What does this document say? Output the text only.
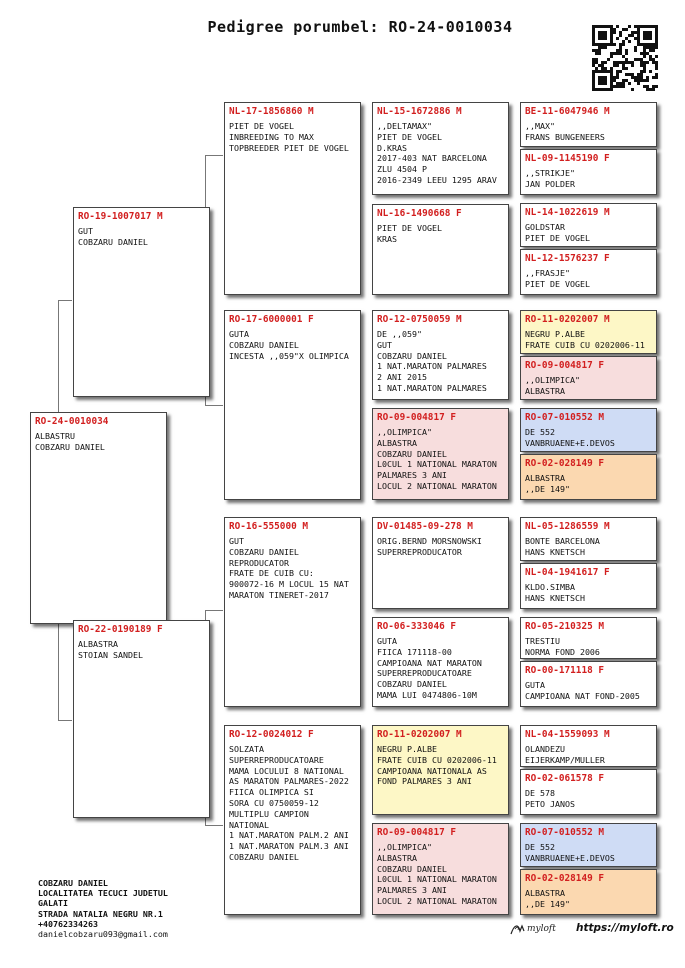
Pedigree porumbel: RO-24-0010034
RO-24-0010034
ALBASTRU
COBZARU DANIEL
RO-19-1007017 M
GUT
COBZARU DANIEL
RO-22-0190189 F
ALBASTRA
STOIAN SANDEL
NL-17-1856860 M
PIET DE VOGEL
INBREEDING TO MAX
TOPBREEDER PIET DE VOGEL
RO-17-6000001 F
GUTA
COBZARU DANIEL
INCESTA ,,059"X OLIMPICA
RO-16-555000 M
GUT
COBZARU DANIEL
REPRODUCATOR
FRATE DE CUIB CU:
900072-16 M LOCUL 15 NAT
MARATON TINERET-2017
RO-12-0024012 F
SOLZATA
SUPERREPRODUCATOARE
MAMA LOCULUI 8 NATIONAL
AS MARATON PALMARES-2022
FIICA OLIMPICA SI
SORA CU 0750059-12
MULTIPLU CAMPION
NATIONAL
1 NAT.MARATON PALM.2 ANI
1 NAT.MARATON PALM.3 ANI
COBZARU DANIEL
NL-15-1672886 M
,,DELTAMAX"
PIET DE VOGEL
D.KRAS
2017-403 NAT BARCELONA
ZLU 4504 P
2016-2349 LEEU 1295 ARAV
NL-16-1490668 F
PIET DE VOGEL
KRAS
RO-12-0750059 M
DE ,,059"
GUT
COBZARU DANIEL
1 NAT.MARATON PALMARES
2 ANI 2015
1 NAT.MARATON PALMARES
RO-09-004817 F
,,OLIMPICA"
ALBASTRA
COBZARU DANIEL
L0CUL 1 NATIONAL MARATON
PALMARES 3 ANI
LOCUL 2 NATIONAL MARATON
DV-01485-09-278 M
ORIG.BERND MORSNOWSKI
SUPERREPRODUCATOR
RO-06-333046 F
GUTA
FIICA 171118-00
CAMPIOANA NAT MARATON
SUPERREPRODUCATOARE
COBZARU DANIEL
MAMA LUI 0474806-10M
RO-11-0202007 M
NEGRU P.ALBE
FRATE CUIB CU 0202006-11
CAMPIOANA NATIONALA AS
FOND PALMARES 3 ANI
RO-09-004817 F
,,OLIMPICA"
ALBASTRA
COBZARU DANIEL
L0CUL 1 NATIONAL MARATON
PALMARES 3 ANI
LOCUL 2 NATIONAL MARATON
BE-11-6047946 M
,,MAX"
FRANS BUNGENEERS
NL-09-1145190 F
,,STRIKJE"
JAN POLDER
NL-14-1022619 M
GOLDSTAR
PIET DE VOGEL
NL-12-1576237 F
,,FRASJE"
PIET DE VOGEL
RO-11-0202007 M
NEGRU P.ALBE
FRATE CUIB CU 0202006-11
RO-09-004817 F
,,OLIMPICA"
ALBASTRA
RO-07-010552 M
DE 552
VANBRUAENE+E.DEVOS
RO-02-028149 F
ALBASTRA
,,DE 149"
NL-05-1286559 M
BONTE BARCELONA
HANS KNETSCH
NL-04-1941617 F
KLDO.SIMBA
HANS KNETSCH
RO-05-210325 M
TRESTIU
NORMA FOND 2006
RO-00-171118 F
GUTA
CAMPIOANA NAT FOND-2005
NL-04-1559093 M
OLANDEZU
EIJERKAMP/MULLER
RO-02-061578 F
DE 578
PETO JANOS
RO-07-010552 M
DE 552
VANBRUAENE+E.DEVOS
RO-02-028149 F
ALBASTRA
,,DE 149"
COBZARU DANIEL
LOCALITATEA TECUCI JUDETUL
GALATI
STRADA NATALIA NEGRU NR.1
+40762334263
danielcobzaru093@gmail.com
myloft https://myloft.ro
